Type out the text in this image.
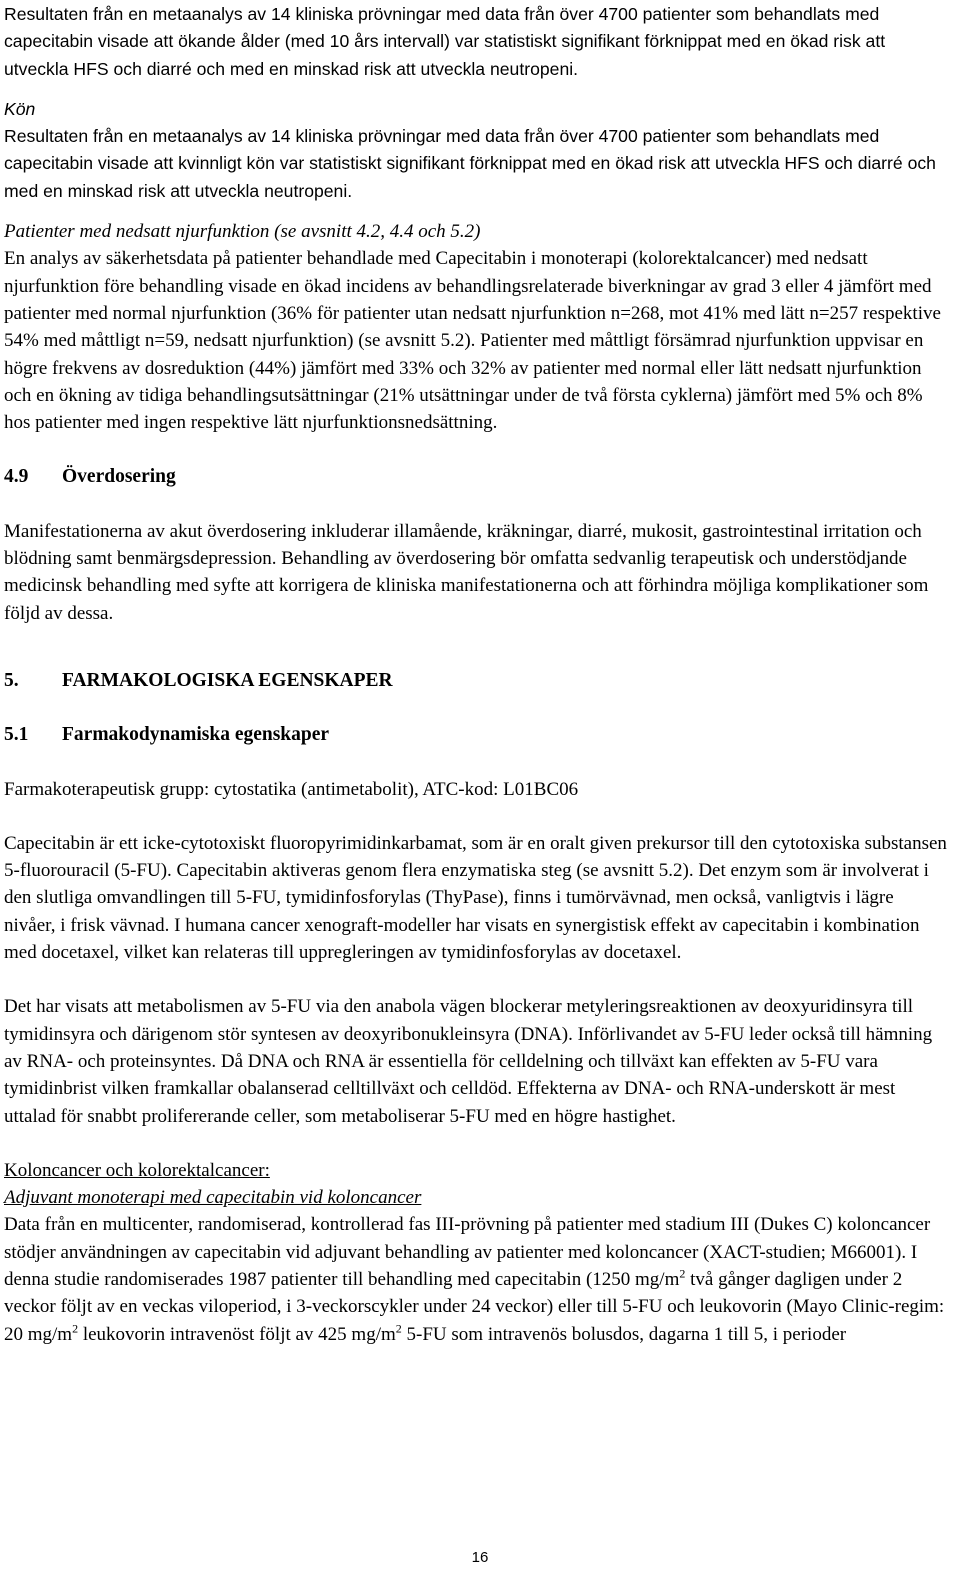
Resultaten från en metaanalys av 14 kliniska prövningar med data från över 4700 patienter som behandlats med capecitabin visade att ökande ålder (med 10 års intervall) var statistiskt signifikant förknippat med en ökad risk att utveckla HFS och diarré och med en minskad risk att utveckla neutropeni.

Kön

Resultaten från en metaanalys av 14 kliniska prövningar med data från över 4700 patienter som behandlats med capecitabin visade att kvinnligt kön var statistiskt signifikant förknippat med en ökad risk att utveckla HFS och diarré och med en minskad risk att utveckla neutropeni.

Patienter med nedsatt njurfunktion (se avsnitt 4.2, 4.4 och 5.2)

En analys av säkerhetsdata på patienter behandlade med Capecitabin i monoterapi (kolorektalcancer) med nedsatt njurfunktion före behandling visade en ökad incidens av behandlingsrelaterade biverkningar av grad 3 eller 4 jämfört med patienter med normal njurfunktion (36% för patienter utan nedsatt njurfunktion n=268, mot 41% med lätt n=257 respektive 54% med måttligt n=59, nedsatt njurfunktion) (se avsnitt 5.2). Patienter med måttligt försämrad njurfunktion uppvisar en högre frekvens av dosreduktion (44%) jämfört med 33% och 32% av patienter med normal eller lätt nedsatt njurfunktion och en ökning av tidiga behandlingsutsättningar (21% utsättningar under de två första cyklerna) jämfört med 5% och 8% hos patienter med ingen respektive lätt njurfunktionsnedsättning.

4.9 Överdosering

Manifestationerna av akut överdosering inkluderar illamående, kräkningar, diarré, mukosit, gastrointestinal irritation och blödning samt benmärgsdepression. Behandling av överdosering bör omfatta sedvanlig terapeutisk och understödjande medicinsk behandling med syfte att korrigera de kliniska manifestationerna och att förhindra möjliga komplikationer som följd av dessa.

5. FARMAKOLOGISKA EGENSKAPER

5.1 Farmakodynamiska egenskaper

Farmakoterapeutisk grupp: cytostatika (antimetabolit), ATC-kod: L01BC06

Capecitabin är ett icke-cytotoxiskt fluoropyrimidinkarbamat, som är en oralt given prekursor till den cytotoxiska substansen 5-fluorouracil (5-FU). Capecitabin aktiveras genom flera enzymatiska steg (se avsnitt 5.2). Det enzym som är involverat i den slutliga omvandlingen till 5-FU, tymidinfosforylas (ThyPase), finns i tumörvävnad, men också, vanligtvis i lägre nivåer, i frisk vävnad. I humana cancer xenograft-modeller har visats en synergistisk effekt av capecitabin i kombination med docetaxel, vilket kan relateras till uppregleringen av tymidinfosforylas av docetaxel.

Det har visats att metabolismen av 5-FU via den anabola vägen blockerar metyleringsreaktionen av deoxyuridinsyra till tymidinsyra och därigenom stör syntesen av deoxyribonukleinsyra (DNA). Införlivandet av 5-FU leder också till hämning av RNA- och proteinsyntes. Då DNA och RNA är essentiella för celldelning och tillväxt kan effekten av 5-FU vara tymidinbrist vilken framkallar obalanserad celltillväxt och celldöd. Effekterna av DNA- och RNA-underskott är mest uttalad för snabbt prolifererande celler, som metaboliserar 5-FU med en högre hastighet.

Koloncancer och kolorektalcancer:

Adjuvant monoterapi med capecitabin vid koloncancer

Data från en multicenter, randomiserad, kontrollerad fas III-prövning på patienter med stadium III (Dukes C) koloncancer stödjer användningen av capecitabin vid adjuvant behandling av patienter med koloncancer (XACT-studien; M66001). I denna studie randomiserades 1987 patienter till behandling med capecitabin (1250 $mg/m^2$ två gånger dagligen under 2 veckor följt av en veckas viloperiod, i 3-veckorscykler under 24 veckor) eller till 5-FU och leukovorin (Mayo Clinic-regim: 20 $mg/m^2$ leukovorin intravenöst följt av 425 $mg/m^2$ 5-FU som intravenös bolusdos, dagarna 1 till 5, i perioder

16
